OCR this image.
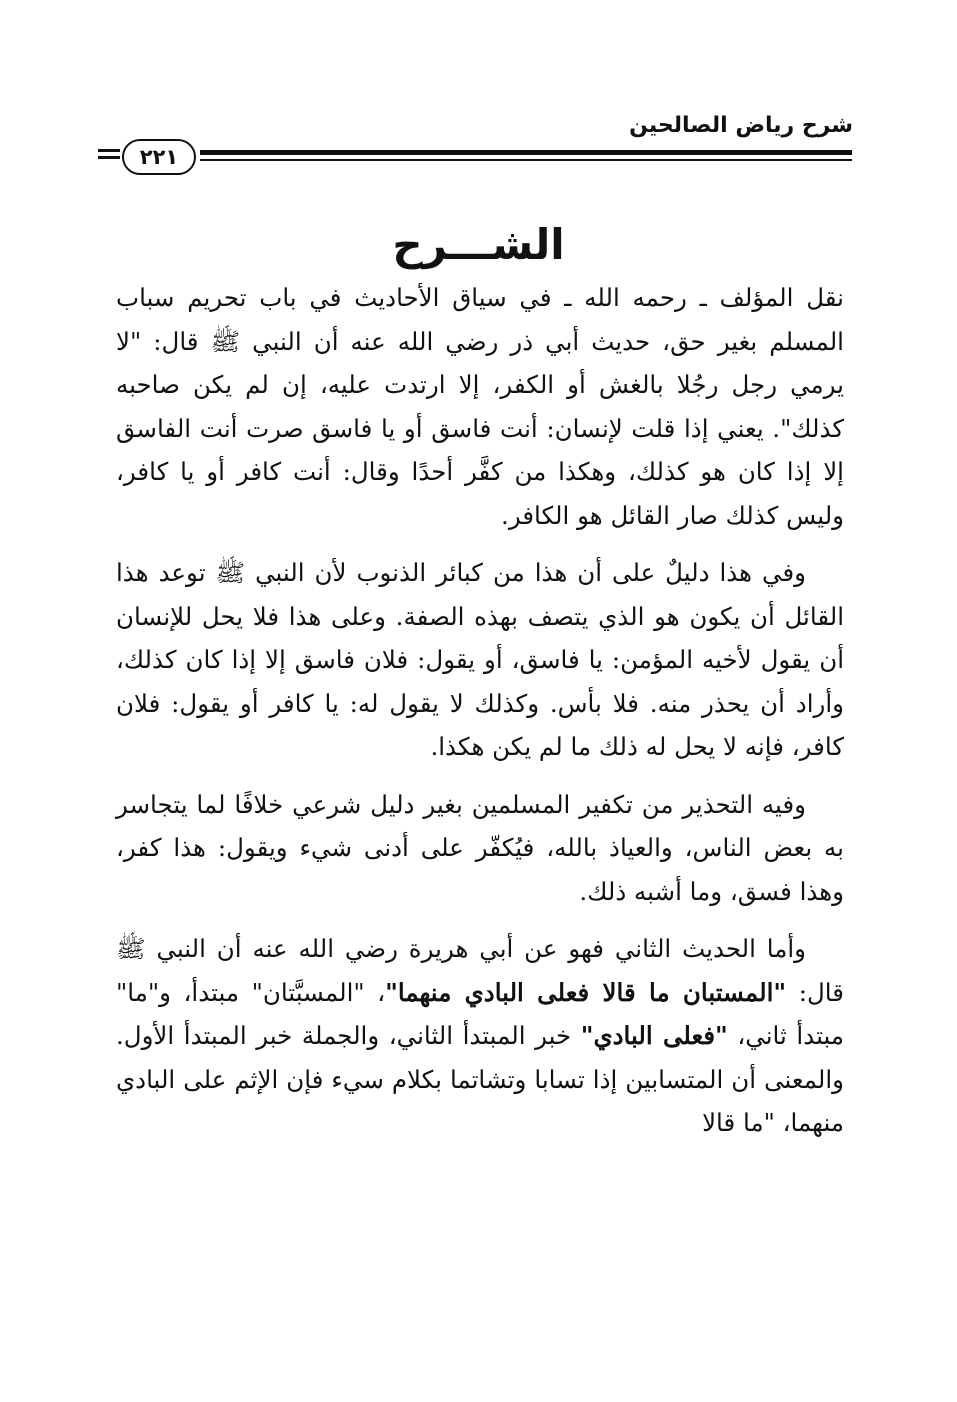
شرح رياض الصالحين
٢٢١
الشـــرح

نقل المؤلف ـ رحمه الله ـ في سياق الأحاديث في باب تحريم سباب المسلم بغير حق، حديث أبي ذر رضي الله عنه أن النبي ﷺ قال: "لا يرمي رجل رجُلا بالغش أو الكفر، إلا ارتدت عليه، إن لم يكن صاحبه كذلك". يعني إذا قلت لإنسان: أنت فاسق أو يا فاسق صرت أنت الفاسق إلا إذا كان هو كذلك، وهكذا من كفَّر أحدًا وقال: أنت كافر أو يا كافر، وليس كذلك صار القائل هو الكافر.

وفي هذا دليلٌ على أن هذا من كبائر الذنوب لأن النبي ﷺ توعد هذا القائل أن يكون هو الذي يتصف بهذه الصفة. وعلى هذا فلا يحل للإنسان أن يقول لأخيه المؤمن: يا فاسق، أو يقول: فلان فاسق إلا إذا كان كذلك، وأراد أن يحذر منه. فلا بأس. وكذلك لا يقول له: يا كافر أو يقول: فلان كافر، فإنه لا يحل له ذلك ما لم يكن هكذا.

وفيه التحذير من تكفير المسلمين بغير دليل شرعي خلافًا لما يتجاسر به بعض الناس، والعياذ بالله، فيُكفّر على أدنى شيء ويقول: هذا كفر، وهذا فسق، وما أشبه ذلك.

وأما الحديث الثاني فهو عن أبي هريرة رضي الله عنه أن النبي ﷺ قال: "المستبان ما قالا فعلى البادي منهما"، "المسبَّتان" مبتدأ، و"ما" مبتدأ ثاني، "فعلى البادي" خبر المبتدأ الثاني، والجملة خبر المبتدأ الأول. والمعنى أن المتسابين إذا تسابا وتشاتما بكلام سيء فإن الإثم على البادي منهما، "ما قالا
